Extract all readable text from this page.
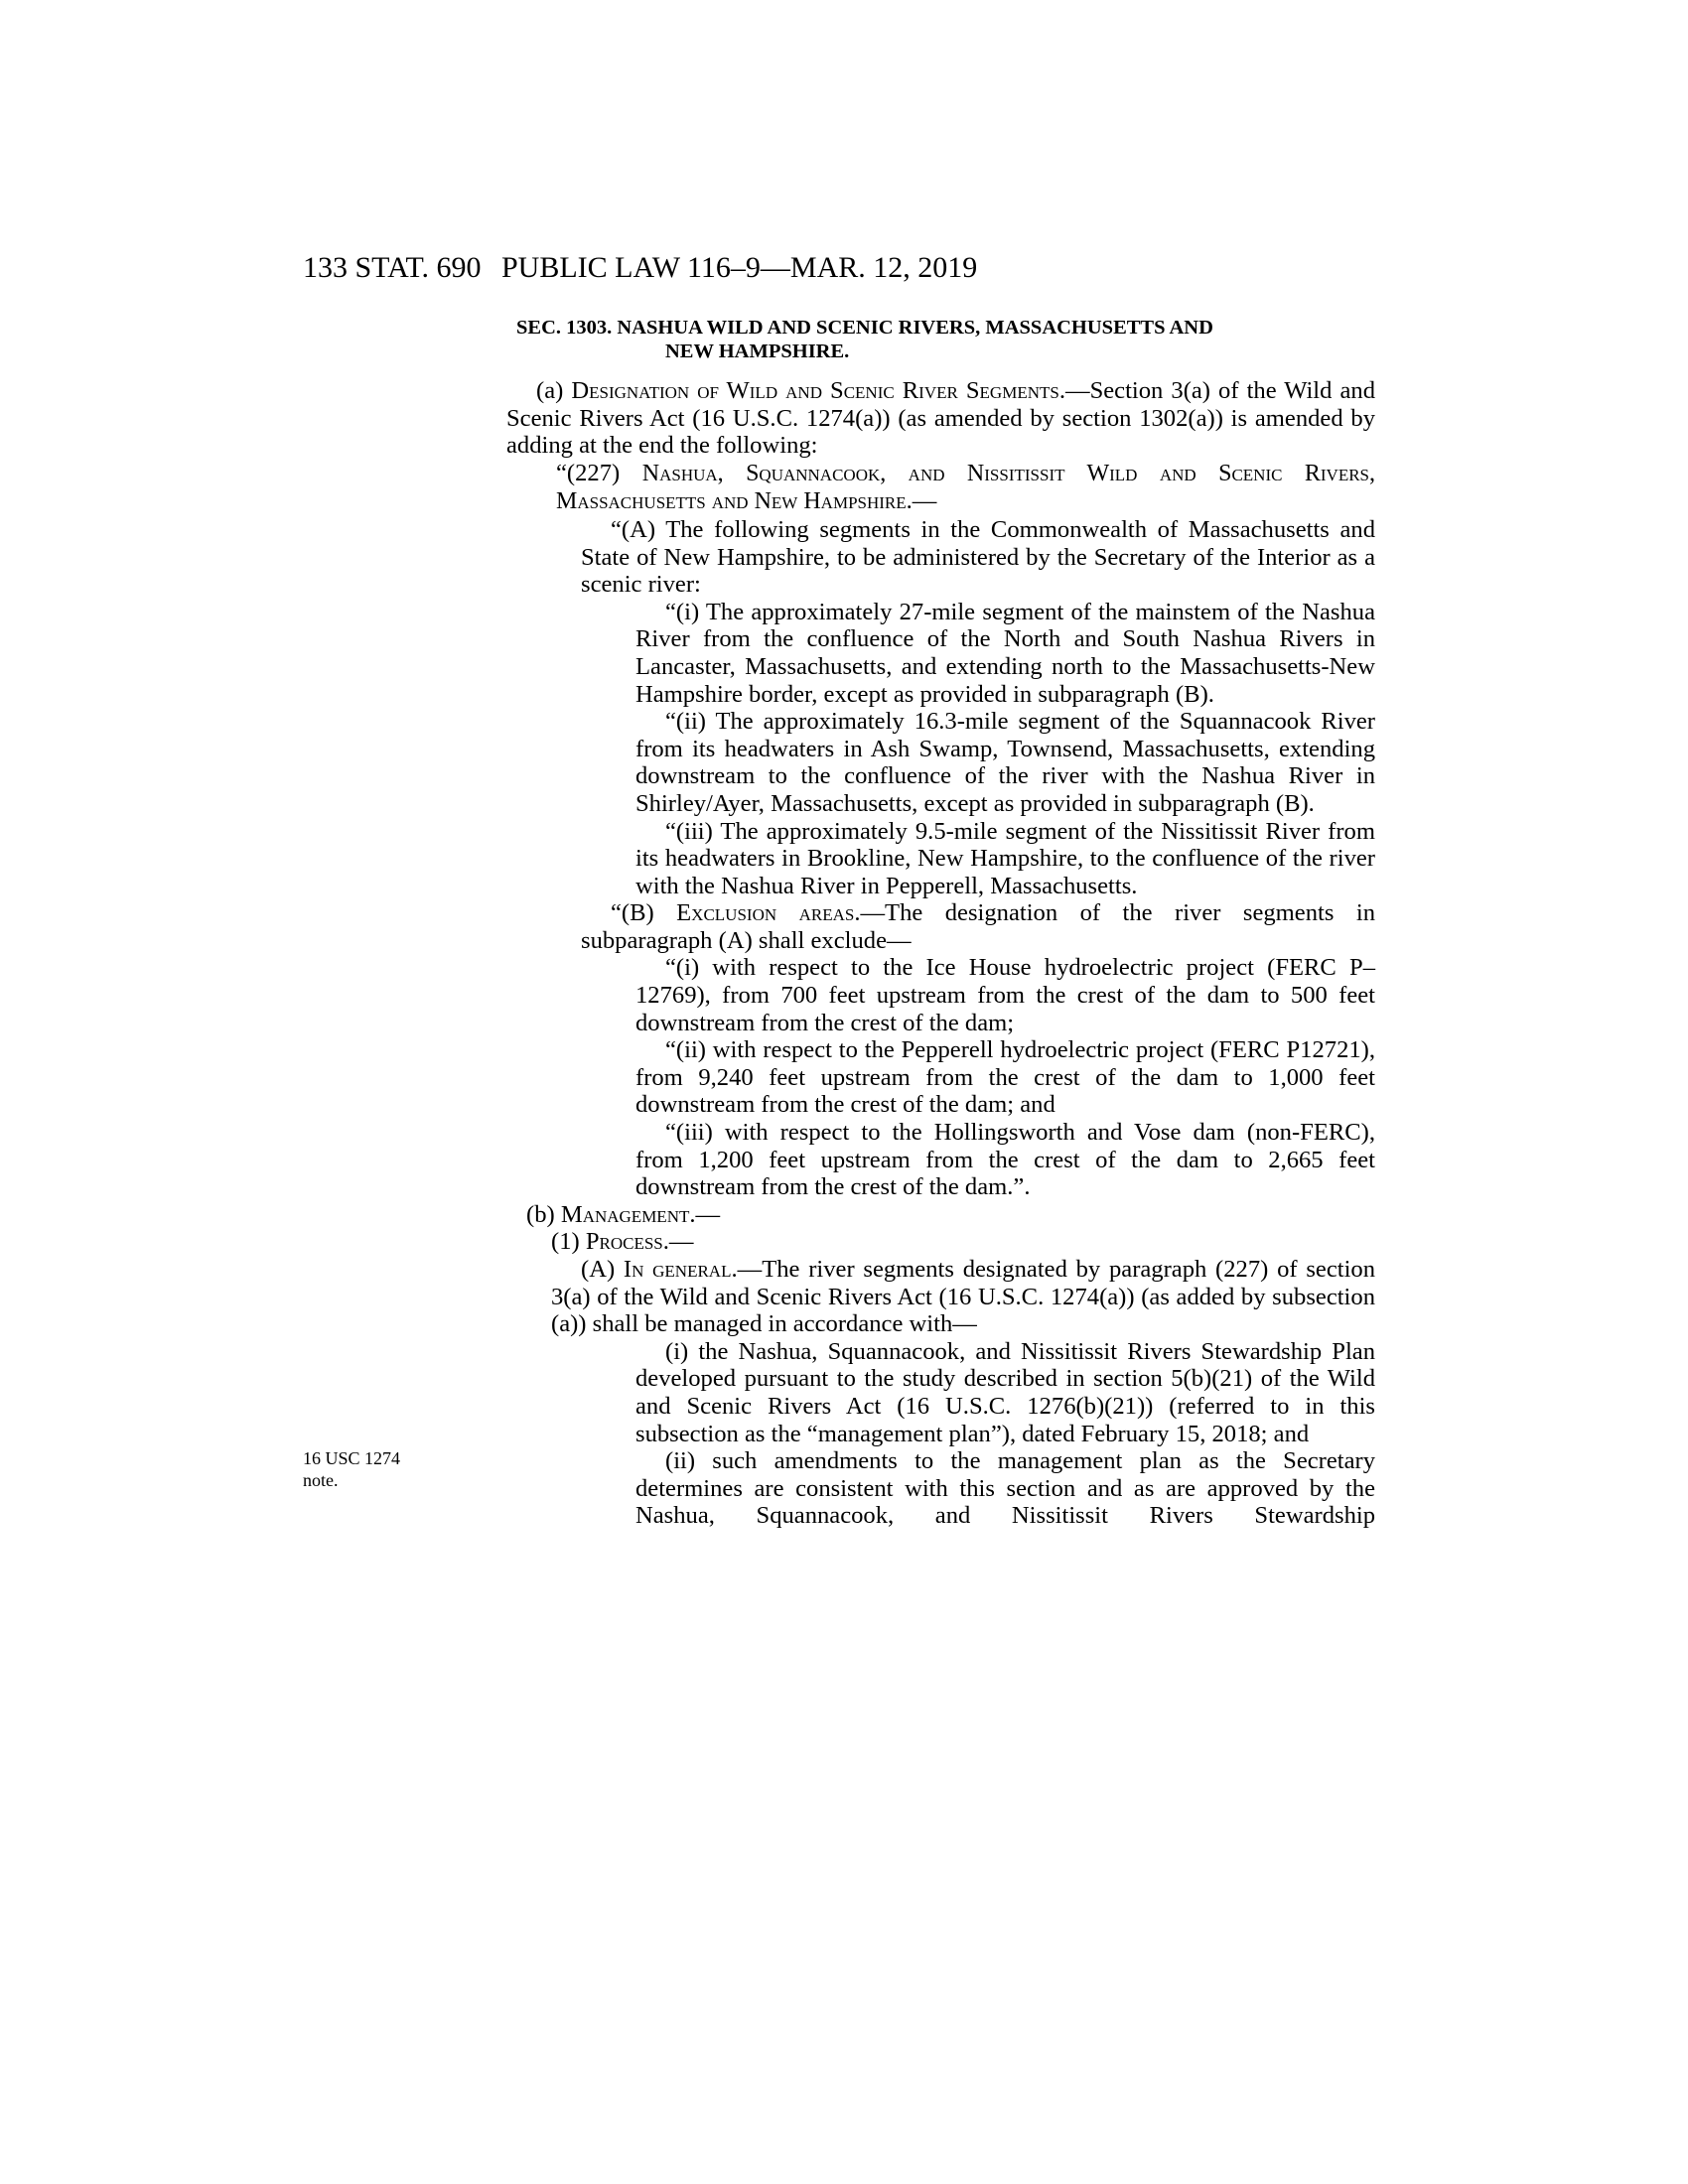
133 STAT. 690 PUBLIC LAW 116–9—MAR. 12, 2019
16 USC 1274
note.
SEC. 1303. NASHUA WILD AND SCENIC RIVERS, MASSACHUSETTS AND
NEW HAMPSHIRE.

(a) Designation of Wild and Scenic River Segments.—Section 3(a) of the Wild and Scenic Rivers Act (16 U.S.C. 1274(a)) (as amended by section 1302(a)) is amended by adding at the end the following:

“(227) Nashua, Squannacook, and Nissitissit Wild and Scenic Rivers, Massachusetts and New Hampshire.—

“(A) The following segments in the Commonwealth of Massachusetts and State of New Hampshire, to be administered by the Secretary of the Interior as a scenic river:

“(i) The approximately 27-mile segment of the mainstem of the Nashua River from the confluence of the North and South Nashua Rivers in Lancaster, Massachusetts, and extending north to the Massachusetts-New Hampshire border, except as provided in subparagraph (B).

“(ii) The approximately 16.3-mile segment of the Squannacook River from its headwaters in Ash Swamp, Townsend, Massachusetts, extending downstream to the confluence of the river with the Nashua River in Shirley/Ayer, Massachusetts, except as provided in subparagraph (B).

“(iii) The approximately 9.5-mile segment of the Nissitissit River from its headwaters in Brookline, New Hampshire, to the confluence of the river with the Nashua River in Pepperell, Massachusetts.

“(B) Exclusion areas.—The designation of the river segments in subparagraph (A) shall exclude—

“(i) with respect to the Ice House hydroelectric project (FERC P–12769), from 700 feet upstream from the crest of the dam to 500 feet downstream from the crest of the dam;

“(ii) with respect to the Pepperell hydroelectric project (FERC P12721), from 9,240 feet upstream from the crest of the dam to 1,000 feet downstream from the crest of the dam; and

“(iii) with respect to the Hollingsworth and Vose dam (non-FERC), from 1,200 feet upstream from the crest of the dam to 2,665 feet downstream from the crest of the dam.”.

(b) Management.—

(1) Process.—

(A) In general.—The river segments designated by paragraph (227) of section 3(a) of the Wild and Scenic Rivers Act (16 U.S.C. 1274(a)) (as added by subsection (a)) shall be managed in accordance with—

(i) the Nashua, Squannacook, and Nissitissit Rivers Stewardship Plan developed pursuant to the study described in section 5(b)(21) of the Wild and Scenic Rivers Act (16 U.S.C. 1276(b)(21)) (referred to in this subsection as the “management plan”), dated February 15, 2018; and

(ii) such amendments to the management plan as the Secretary determines are consistent with this section and as are approved by the Nashua, Squannacook, and Nissitissit Rivers Stewardship
